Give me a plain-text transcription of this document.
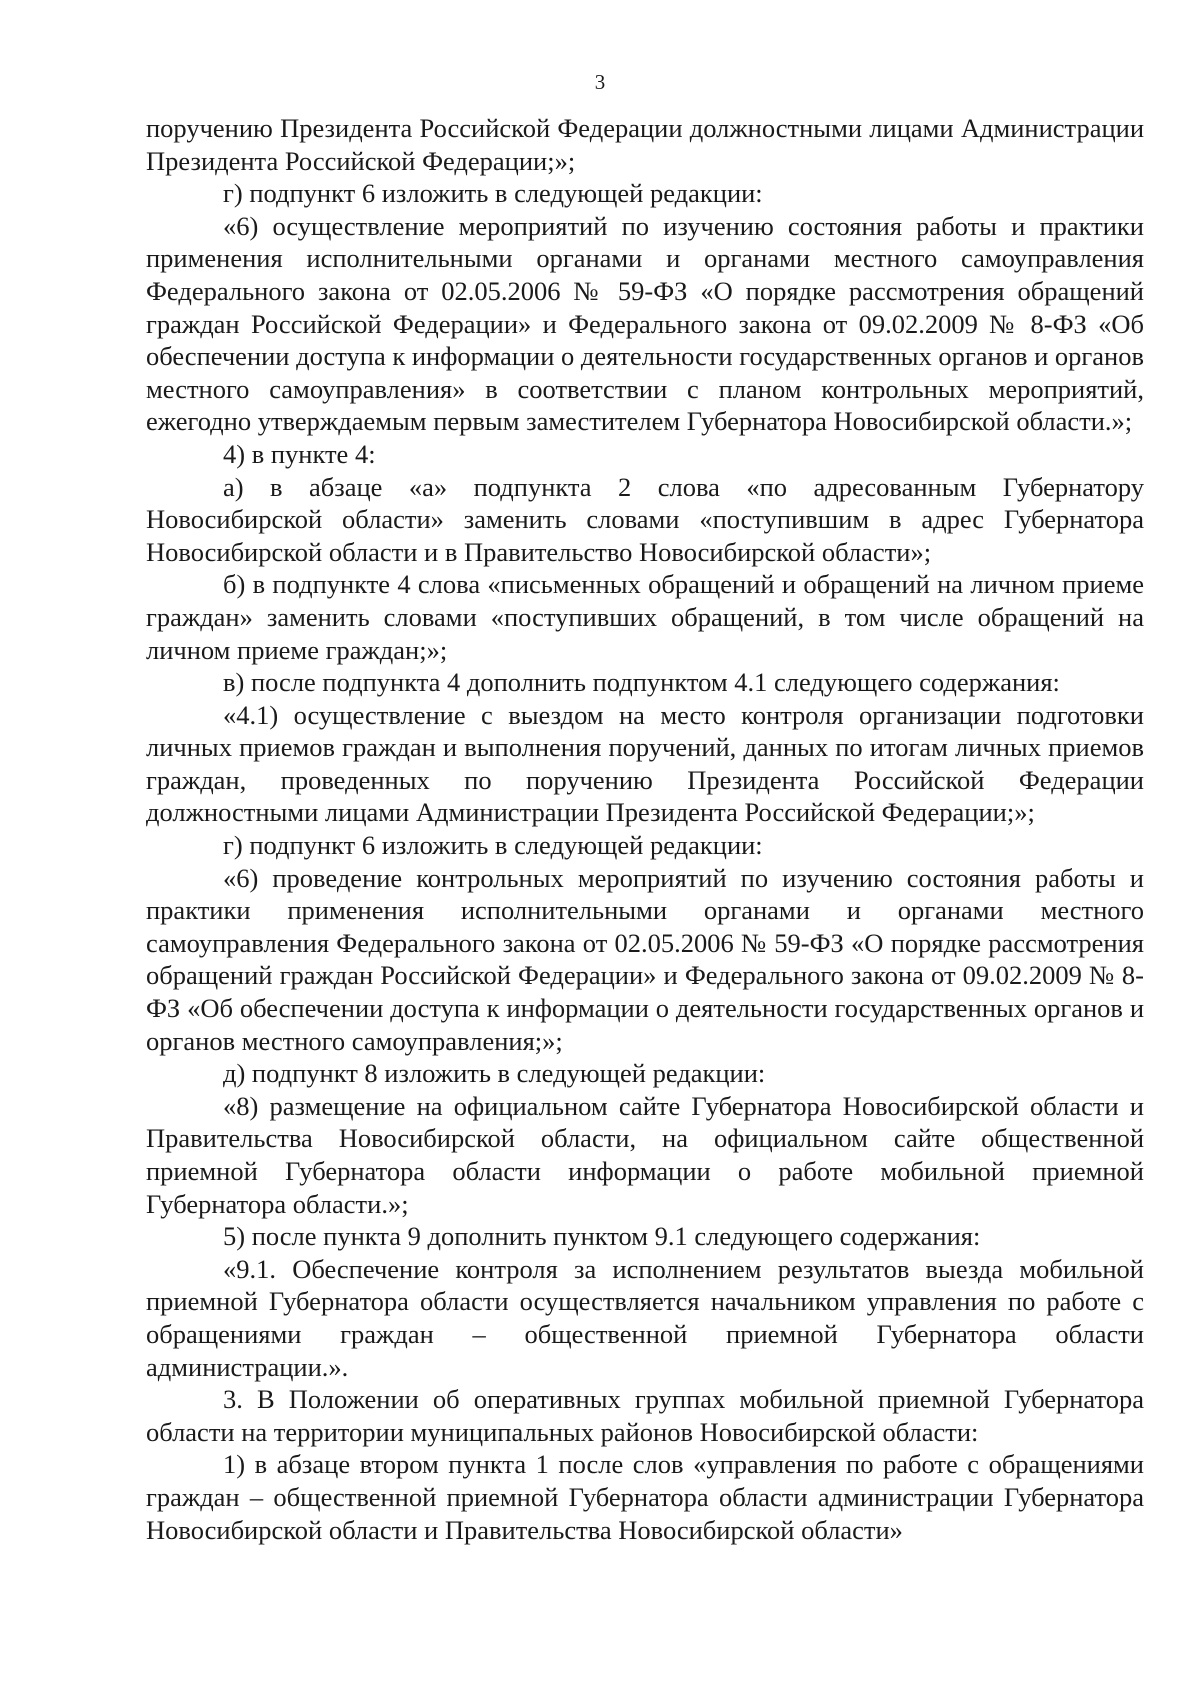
3

поручению Президента Российской Федерации должностными лицами Администрации Президента Российской Федерации;»;

г) подпункт 6 изложить в следующей редакции:

«6) осуществление мероприятий по изучению состояния работы и практики применения исполнительными органами и органами местного самоуправления Федерального закона от 02.05.2006 № 59-ФЗ «О порядке рассмотрения обращений граждан Российской Федерации» и Федерального закона от 09.02.2009 № 8-ФЗ «Об обеспечении доступа к информации о деятельности государственных органов и органов местного самоуправления» в соответствии с планом контрольных мероприятий, ежегодно утверждаемым первым заместителем Губернатора Новосибирской области.»;

4) в пункте 4:

а) в абзаце «а» подпункта 2 слова «по адресованным Губернатору Новосибирской области» заменить словами «поступившим в адрес Губернатора Новосибирской области и в Правительство Новосибирской области»;

б) в подпункте 4 слова «письменных обращений и обращений на личном приеме граждан» заменить словами «поступивших обращений, в том числе обращений на личном приеме граждан;»;

в) после подпункта 4 дополнить подпунктом 4.1 следующего содержания:

«4.1) осуществление с выездом на место контроля организации подготовки личных приемов граждан и выполнения поручений, данных по итогам личных приемов граждан, проведенных по поручению Президента Российской Федерации должностными лицами Администрации Президента Российской Федерации;»;

г) подпункт 6 изложить в следующей редакции:

«6) проведение контрольных мероприятий по изучению состояния работы и практики применения исполнительными органами и органами местного самоуправления Федерального закона от 02.05.2006 № 59-ФЗ «О порядке рассмотрения обращений граждан Российской Федерации» и Федерального закона от 09.02.2009 № 8-ФЗ «Об обеспечении доступа к информации о деятельности государственных органов и органов местного самоуправления;»;

д) подпункт 8 изложить в следующей редакции:

«8) размещение на официальном сайте Губернатора Новосибирской области и Правительства Новосибирской области, на официальном сайте общественной приемной Губернатора области информации о работе мобильной приемной Губернатора области.»;

5) после пункта 9 дополнить пунктом 9.1 следующего содержания:

«9.1. Обеспечение контроля за исполнением результатов выезда мобильной приемной Губернатора области осуществляется начальником управления по работе с обращениями граждан – общественной приемной Губернатора области администрации.».

3. В Положении об оперативных группах мобильной приемной Губернатора области на территории муниципальных районов Новосибирской области:

1) в абзаце втором пункта 1 после слов «управления по работе с обращениями граждан – общественной приемной Губернатора области администрации Губернатора Новосибирской области и Правительства Новосибирской области»
